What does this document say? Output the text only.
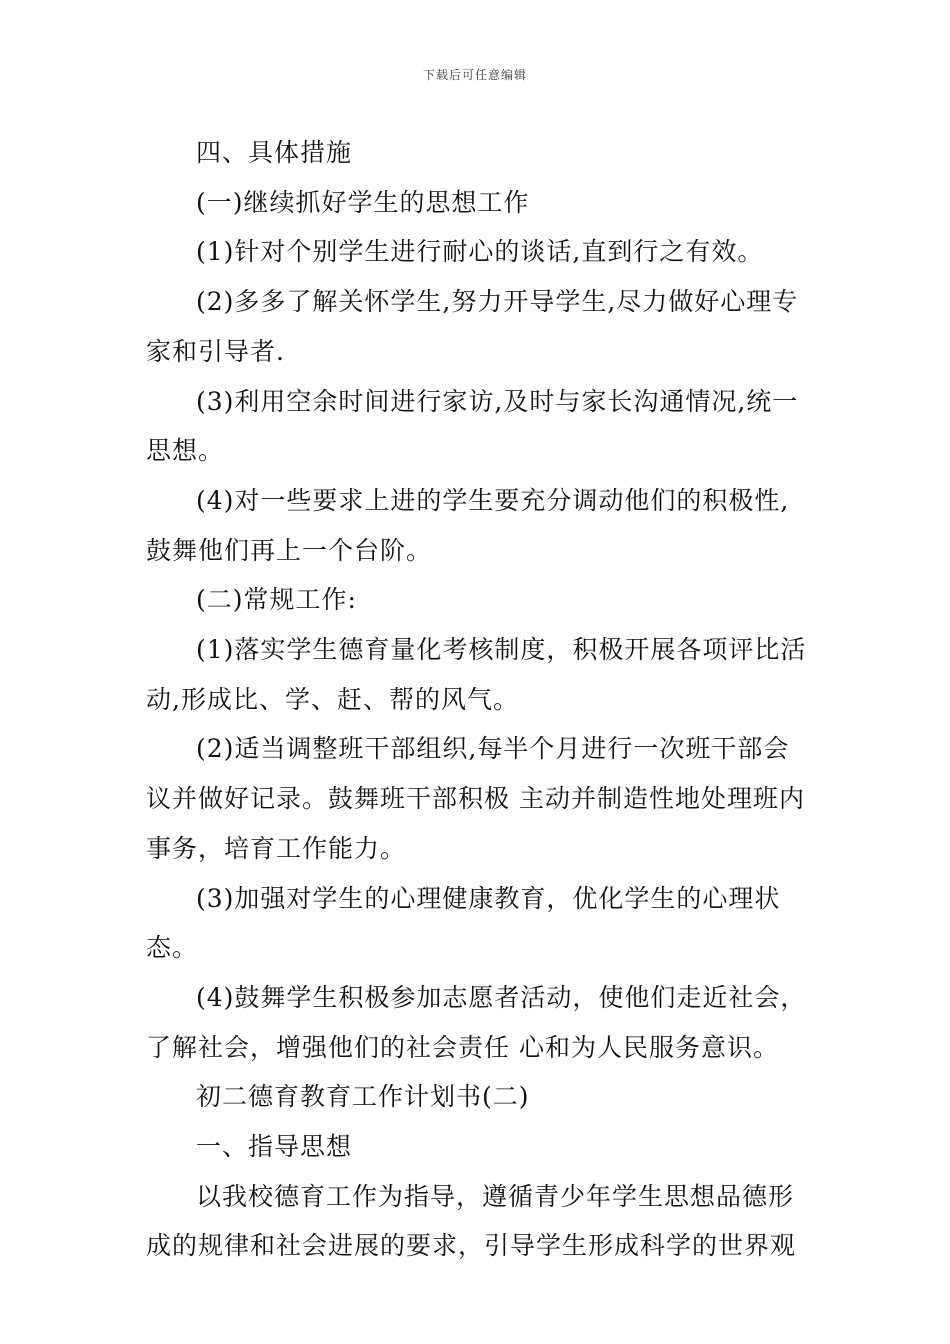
下载后可任意编辑

四、具体措施

(一)继续抓好学生的思想工作

(1)针对个别学生进行耐心的谈话,直到行之有效。

(2)多多了解关怀学生,努力开导学生,尽力做好心理专家和引导者.

(3)利用空余时间进行家访,及时与家长沟通情况,统一思想。

(4)对一些要求上进的学生要充分调动他们的积极性,鼓舞他们再上一个台阶。

(二)常规工作:

(1)落实学生德育量化考核制度，积极开展各项评比活动,形成比、学、赶、帮的风气。

(2)适当调整班干部组织,每半个月进行一次班干部会议并做好记录。鼓舞班干部积极 主动并制造性地处理班内事务，培育工作能力。

(3)加强对学生的心理健康教育，优化学生的心理状态。

(4)鼓舞学生积极参加志愿者活动，使他们走近社会，了解社会，增强他们的社会责任 心和为人民服务意识。

初二德育教育工作计划书(二)

一、指导思想

以我校德育工作为指导，遵循青少年学生思想品德形成的规律和社会进展的要求，引导学生形成科学的世界观
